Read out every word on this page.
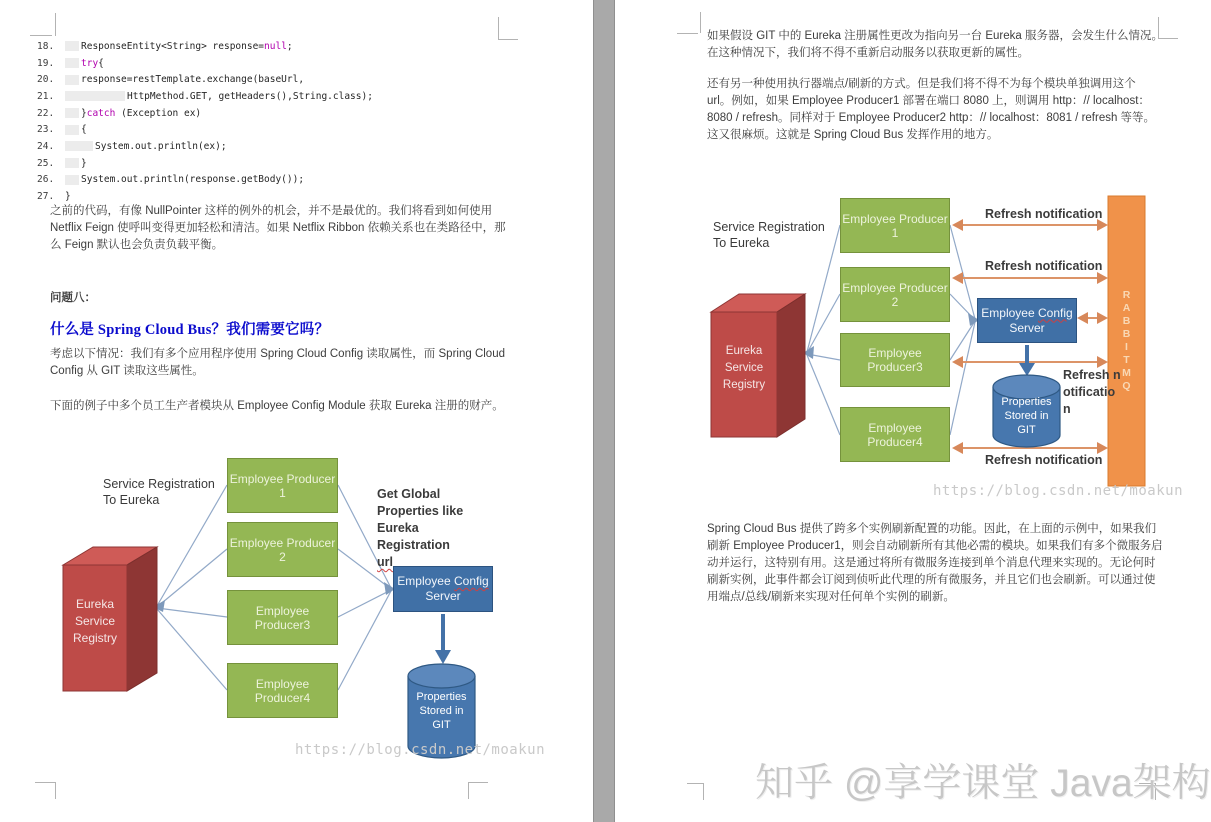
18.	ResponseEntity<String> response= null ;
19.	try {
20.	response=restTemplate.exchange(baseUrl,
21.	HttpMethod.GET, getHeaders(),String.class);
22.	} catch (Exception ex)
23.	{
24.	System.out.println(ex);
25.	}
26.	System.out.println(response.getBody());
27.	}
之前的代码，有像 NullPointer 这样的例外的机会，并不是最优的。我们将看到如何使用 Netflix Feign 使呼叫变得更加轻松和清洁。如果 Netflix Ribbon 依赖关系也在类路径中，那么 Feign 默认也会负责负载平衡。
问题八：
什么是 Spring Cloud Bus？我们需要它吗？
考虑以下情况：我们有多个应用程序使用 Spring Cloud Config 读取属性，而 Spring Cloud Config 从 GIT 读取这些属性。
下面的例子中多个员工生产者模块从 Employee Config Module 获取 Eureka 注册的财产。
Service Registration
To Eureka
Eureka
Service
Registry
Employee Producer 1
Employee Producer 2
Employee Producer3
Employee Producer4
Get Global
Properties like
Eureka Registration
url
Employee Config
Server
Properties
Stored in
GIT
https://blog.csdn.net/moakun
如果假设 GIT 中的 Eureka 注册属性更改为指向另一台 Eureka 服务器，会发生什么情况。在这种情况下，我们将不得不重新启动服务以获取更新的属性。
还有另一种使用执行器端点/刷新的方式。但是我们将不得不为每个模块单独调用这个 url。例如，如果 Employee Producer1 部署在端口 8080 上，则调用 http：// localhost：8080 / refresh。同样对于 Employee Producer2 http：// localhost：8081 / refresh 等等。这又很麻烦。这就是 Spring Cloud Bus 发挥作用的地方。
Service Registration
To Eureka
Eureka
Service
Registry
Employee Producer 1
Employee Producer 2
Employee Producer3
Employee Producer4
Employee Config
Server
Properties
Stored in
GIT
Refresh notification
Refresh notification
Refresh notification
Refresh notification
R
A
B
B
I
T
M
Q
https://blog.csdn.net/moakun
Spring Cloud Bus 提供了跨多个实例刷新配置的功能。因此，在上面的示例中，如果我们刷新 Employee Producer1，则会自动刷新所有其他必需的模块。如果我们有多个微服务启动并运行，这特别有用。这是通过将所有微服务连接到单个消息代理来实现的。无论何时刷新实例，此事件都会订阅到侦听此代理的所有微服务，并且它们也会刷新。可以通过使用端点/总线/刷新来实现对任何单个实例的刷新。
知乎 @享学课堂 Java架构
